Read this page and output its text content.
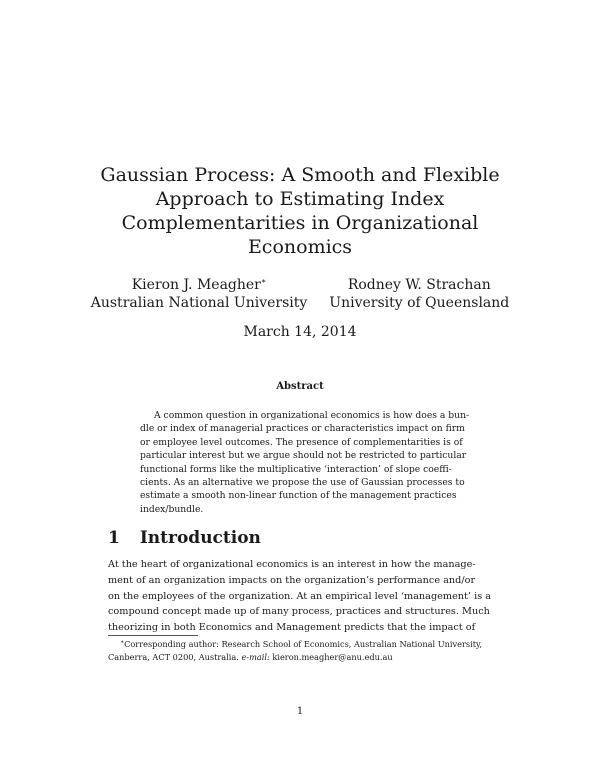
Gaussian Process: A Smooth and Flexible
Approach to Estimating Index
Complementarities in Organizational
Economics
Kieron J. Meagher∗
Australian National University
Rodney W. Strachan
University of Queensland
March 14, 2014
Abstract
A common question in organizational economics is how does a bun-
dle or index of managerial practices or characteristics impact on firm
or employee level outcomes. The presence of complementarities is of
particular interest but we argue should not be restricted to particular
functional forms like the multiplicative ‘interaction’ of slope coeffi-
cients. As an alternative we propose the use of Gaussian processes to
estimate a smooth non-linear function of the management practices
index/bundle.
1 Introduction
At the heart of organizational economics is an interest in how the manage-
ment of an organization impacts on the organization’s performance and/or
on the employees of the organization. At an empirical level ‘management’ is a
compound concept made up of many process, practices and structures. Much
theorizing in both Economics and Management predicts that the impact of
∗Corresponding author: Research School of Economics, Australian National University,
Canberra, ACT 0200, Australia. e-mail: kieron.meagher@anu.edu.au
1
